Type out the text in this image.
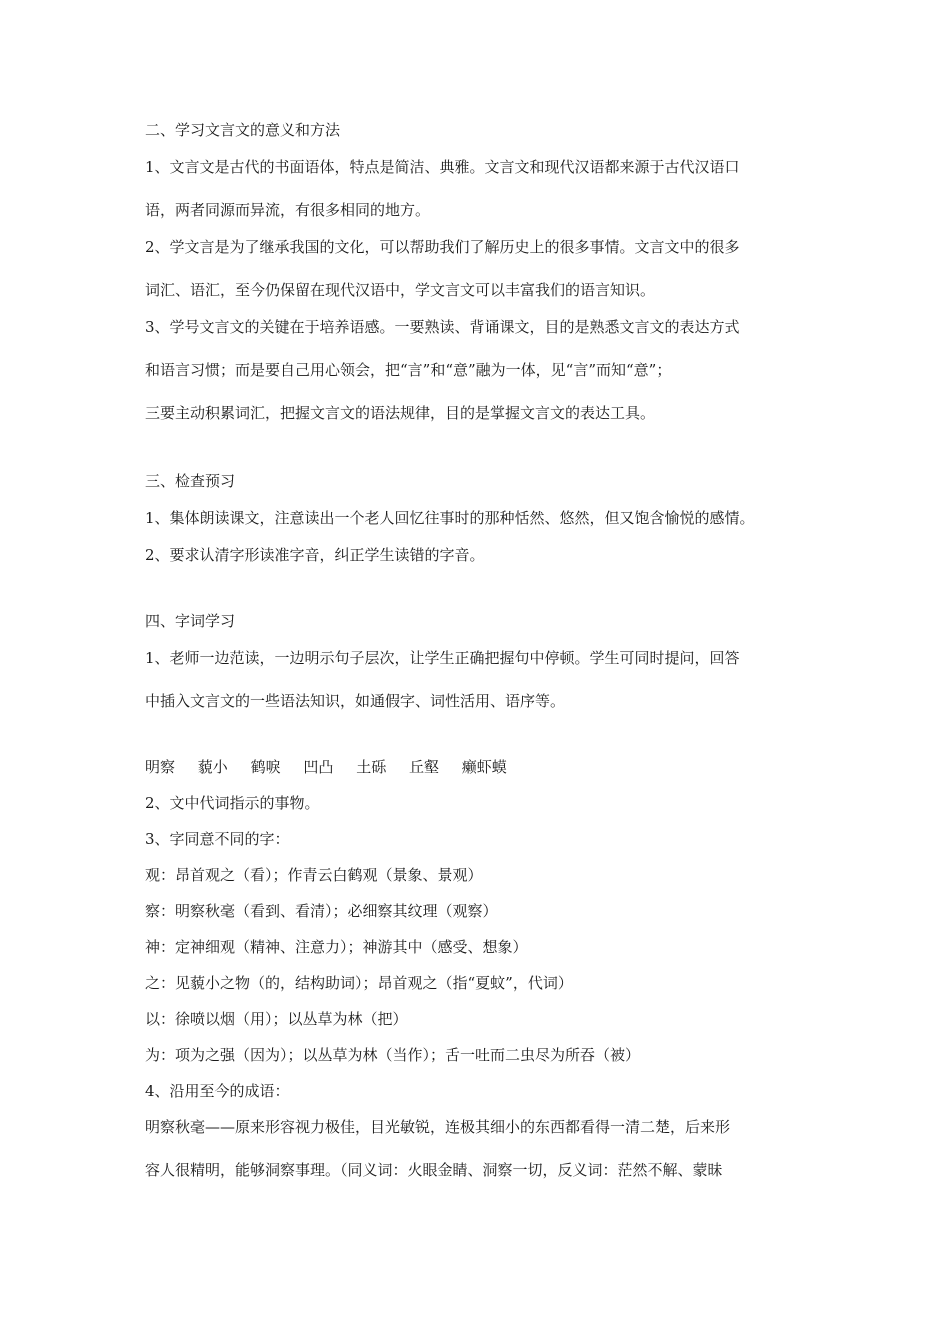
二、学习文言文的意义和方法
1、文言文是古代的书面语体，特点是简洁、典雅。文言文和现代汉语都来源于古代汉语口
语，两者同源而异流，有很多相同的地方。
2、学文言是为了继承我国的文化，可以帮助我们了解历史上的很多事情。文言文中的很多
词汇、语汇，至今仍保留在现代汉语中，学文言文可以丰富我们的语言知识。
3、学号文言文的关键在于培养语感。一要熟读、背诵课文，目的是熟悉文言文的表达方式
和语言习惯；而是要自己用心领会，把“言”和“意”融为一体，见“言”而知“意”；
三要主动积累词汇，把握文言文的语法规律，目的是掌握文言文的表达工具。
三、检查预习
1、集体朗读课文，注意读出一个老人回忆往事时的那种恬然、悠然，但又饱含愉悦的感情。
2、要求认清字形读准字音，纠正学生读错的字音。
四、字词学习
1、老师一边范读，一边明示句子层次，让学生正确把握句中停顿。学生可同时提问，回答
中插入文言文的一些语法知识，如通假字、词性活用、语序等。
明察 藐小 鹤唳 凹凸 土砾 丘壑 癞虾蟆
2、文中代词指示的事物。
3、字同意不同的字：
观：昂首观之（看）；作青云白鹤观（景象、景观）
察：明察秋毫（看到、看清）；必细察其纹理（观察）
神：定神细观（精神、注意力）；神游其中（感受、想象）
之：见藐小之物（的，结构助词）；昂首观之（指“夏蚊”，代词）
以：徐喷以烟（用）；以丛草为林（把）
为：项为之强（因为）；以丛草为林（当作）；舌一吐而二虫尽为所吞（被）
4、沿用至今的成语：
明察秋毫——原来形容视力极佳，目光敏锐，连极其细小的东西都看得一清二楚，后来形
容人很精明，能够洞察事理。（同义词：火眼金睛、洞察一切，反义词：茫然不解、蒙昧
